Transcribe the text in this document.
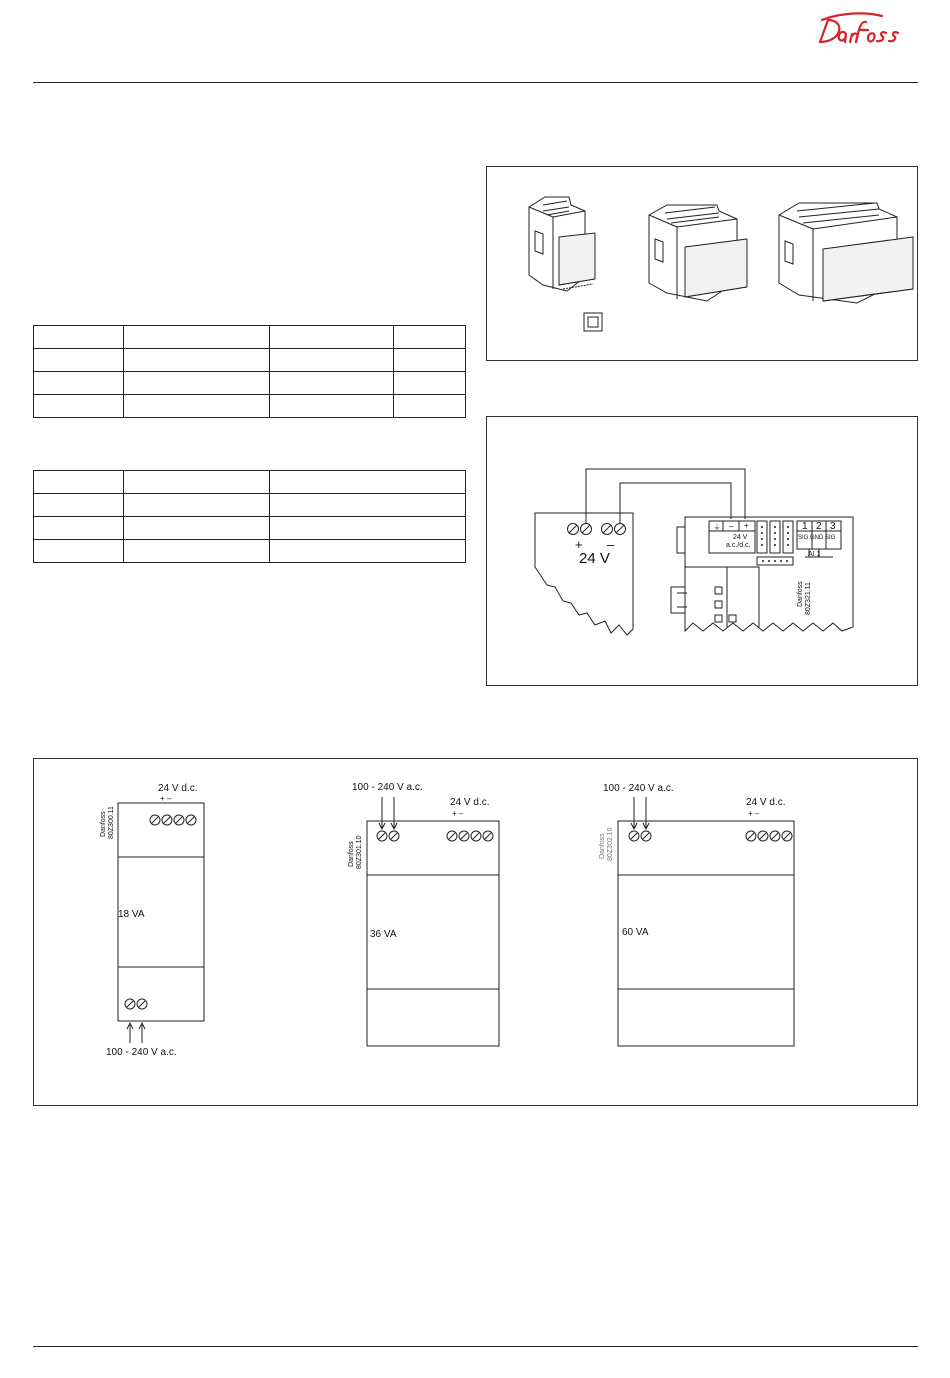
+ –
24 V
⏚ – +
24 V
a.c./d.c.
1 2 3
SIG GND SIG
AI 1
Danfoss 80Z321.11
24 V d.c.
+ –
18 VA
100 - 240 V a.c.
Danfoss 80Z300.11
100 - 240 V a.c.
24 V d.c.
+ –
36 VA
Danfoss 80Z301.10
100 - 240 V a.c.
24 V d.c.
+ –
60 VA
Danfoss 80Z302.10
